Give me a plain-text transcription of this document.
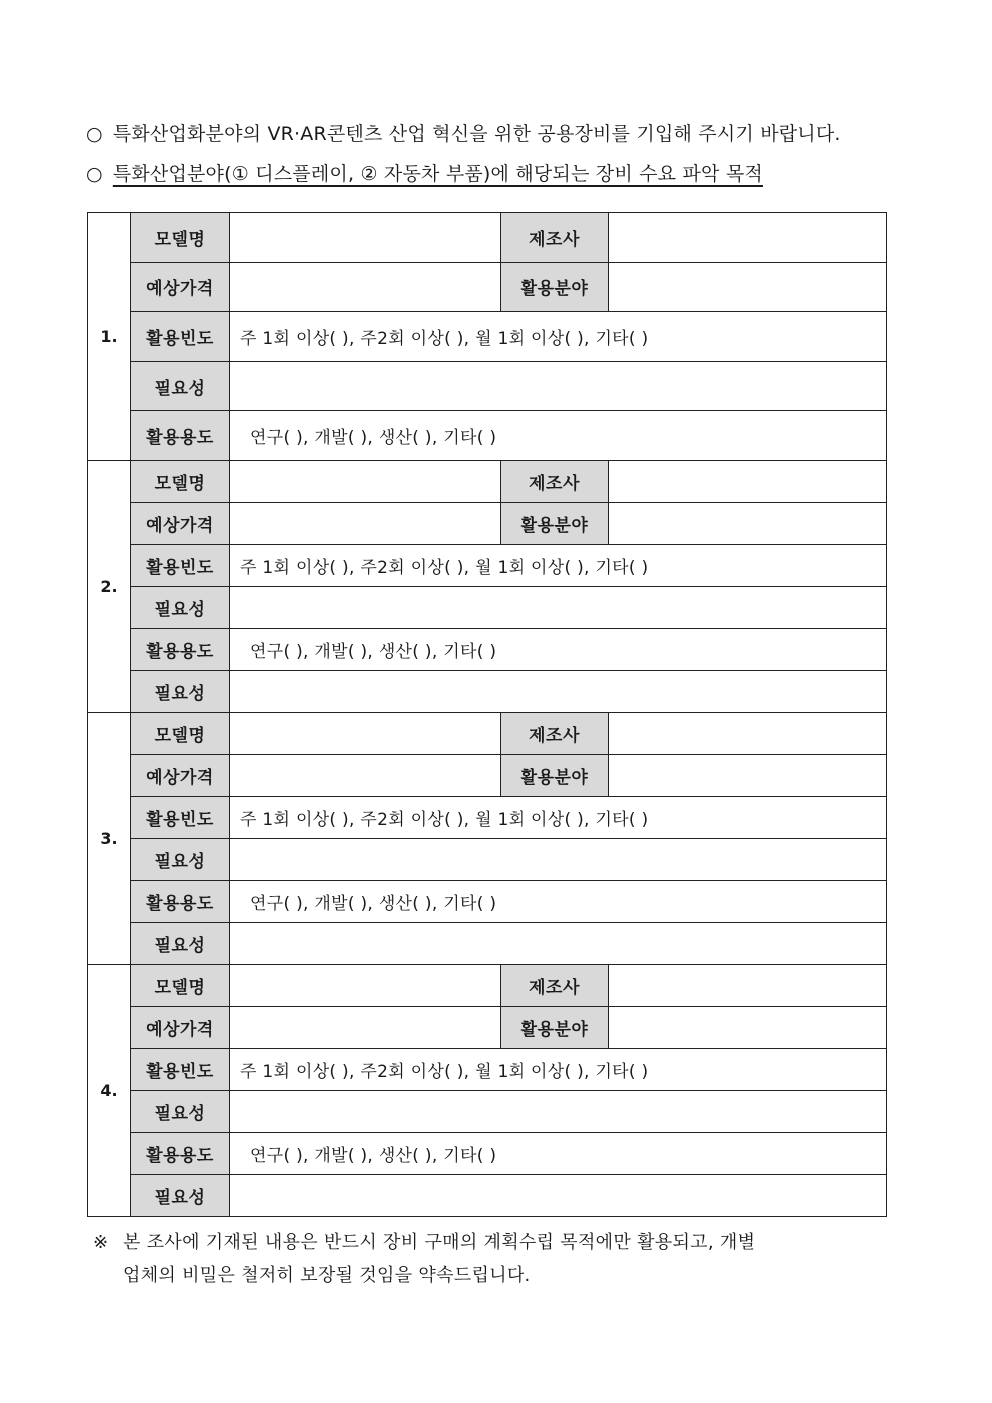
○ 특화산업화분야의 VR·AR콘텐츠 산업 혁신을 위한 공용장비를 기입해 주시기 바랍니다.
○ 특화산업분야(① 디스플레이, ② 자동차 부품)에 해당되는 장비 수요 파악 목적
1.	모델명		제조사	
	예상가격		활용분야	
	활용빈도	주 1회 이상( ), 주2회 이상( ), 월 1회 이상( ), 기타( )		
	필요성			
	활용용도	연구( ), 개발( ), 생산( ), 기타( )		
2.	모델명		제조사	
	예상가격		활용분야	
	활용빈도	주 1회 이상( ), 주2회 이상( ), 월 1회 이상( ), 기타( )		
	필요성			
	활용용도	연구( ), 개발( ), 생산( ), 기타( )		
	필요성			
3.	모델명		제조사	
	예상가격		활용분야	
	활용빈도	주 1회 이상( ), 주2회 이상( ), 월 1회 이상( ), 기타( )		
	필요성			
	활용용도	연구( ), 개발( ), 생산( ), 기타( )		
	필요성			
4.	모델명		제조사	
	예상가격		활용분야	
	활용빈도	주 1회 이상( ), 주2회 이상( ), 월 1회 이상( ), 기타( )		
	필요성			
	활용용도	연구( ), 개발( ), 생산( ), 기타( )		
	필요성			
※ 본 조사에 기재된 내용은 반드시 장비 구매의 계획수립 목적에만 활용되고, 개별
업체의 비밀은 철저히 보장될 것임을 약속드립니다.
